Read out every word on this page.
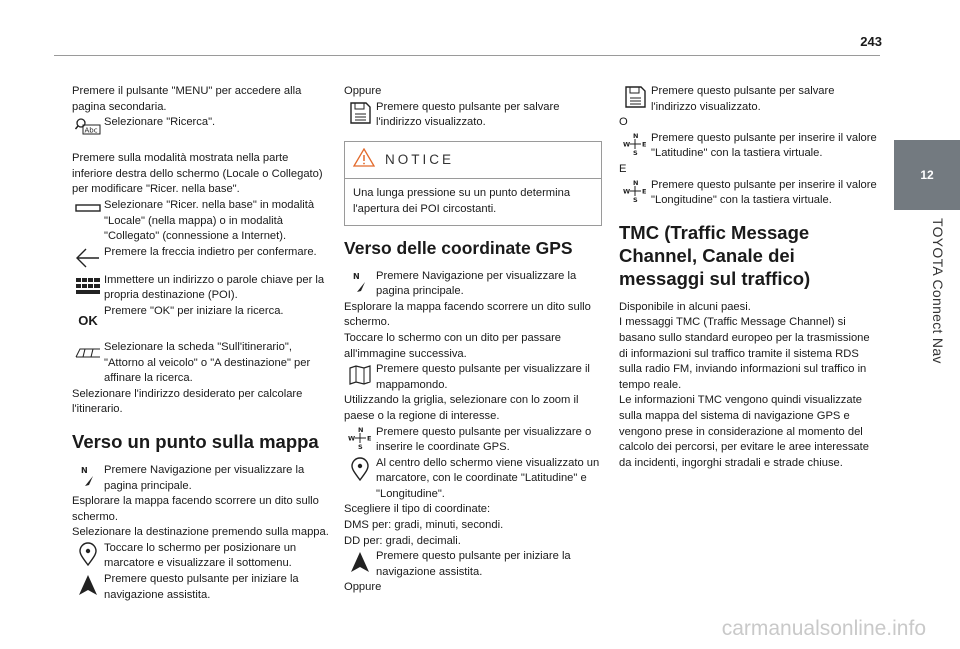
243
12
TOYOTA Connect Nav

Premere il pulsante "MENU" per accedere alla pagina secondaria.

Abc
Selezionare "Ricerca".

Premere sulla modalità mostrata nella parte inferiore destra dello schermo (Locale o Collegato) per modificare "Ricer. nella base".

Selezionare "Ricer. nella base" in modalità "Locale" (nella mappa) o in modalità "Collegato" (connessione a Internet).
Premere la freccia indietro per confermare.
Immettere un indirizzo o parole chiave per la propria destinazione (POI).
OK
Premere "OK" per iniziare la ricerca.
Selezionare la scheda "Sull'itinerario", "Attorno al veicolo" o "A destinazione" per affinare la ricerca.

Selezionare l'indirizzo desiderato per calcolare l'itinerario.

Verso un punto sulla mappa
N Premere Navigazione per visualizzare la pagina principale.

Esplorare la mappa facendo scorrere un dito sullo schermo.

Selezionare la destinazione premendo sulla mappa.

Toccare lo schermo per posizionare un marcatore e visualizzare il sottomenu.
Premere questo pulsante per iniziare la navigazione assistita.

Oppure

Premere questo pulsante per salvare l'indirizzo visualizzato.
NOTICE
Una lunga pressione su un punto determina l'apertura dei POI circostanti.
Verso delle coordinate GPS
N Premere Navigazione per visualizzare la pagina principale.

Esplorare la mappa facendo scorrere un dito sullo schermo.

Toccare lo schermo con un dito per passare all'immagine successiva.

Premere questo pulsante per visualizzare il mappamondo.

Utilizzando la griglia, selezionare con lo zoom il paese o la regione di interesse.

N
S
W E
Premere questo pulsante per visualizzare o inserire le coordinate GPS.
Al centro dello schermo viene visualizzato un marcatore, con le coordinate "Latitudine" e "Longitudine".

Scegliere il tipo di coordinate:

DMS per: gradi, minuti, secondi.

DD per: gradi, decimali.

Premere questo pulsante per iniziare la navigazione assistita.

Oppure

Premere questo pulsante per salvare l'indirizzo visualizzato.

O

N
S
W E
Premere questo pulsante per inserire il valore "Latitudine" con la tastiera virtuale.

E

N
S
W E
Premere questo pulsante per inserire il valore "Longitudine" con la tastiera virtuale.
TMC (Traffic Message Channel, Canale dei messaggi sul traffico)

Disponibile in alcuni paesi.

I messaggi TMC (Traffic Message Channel) si basano sullo standard europeo per la trasmissione di informazioni sul traffico tramite il sistema RDS sulla radio FM, inviando informazioni sul traffico in tempo reale.

Le informazioni TMC vengono quindi visualizzate sulla mappa del sistema di navigazione GPS e vengono prese in considerazione al momento del calcolo dei percorsi, per evitare le aree interessate da incidenti, ingorghi stradali e strade chiuse.

carmanualsonline.info
